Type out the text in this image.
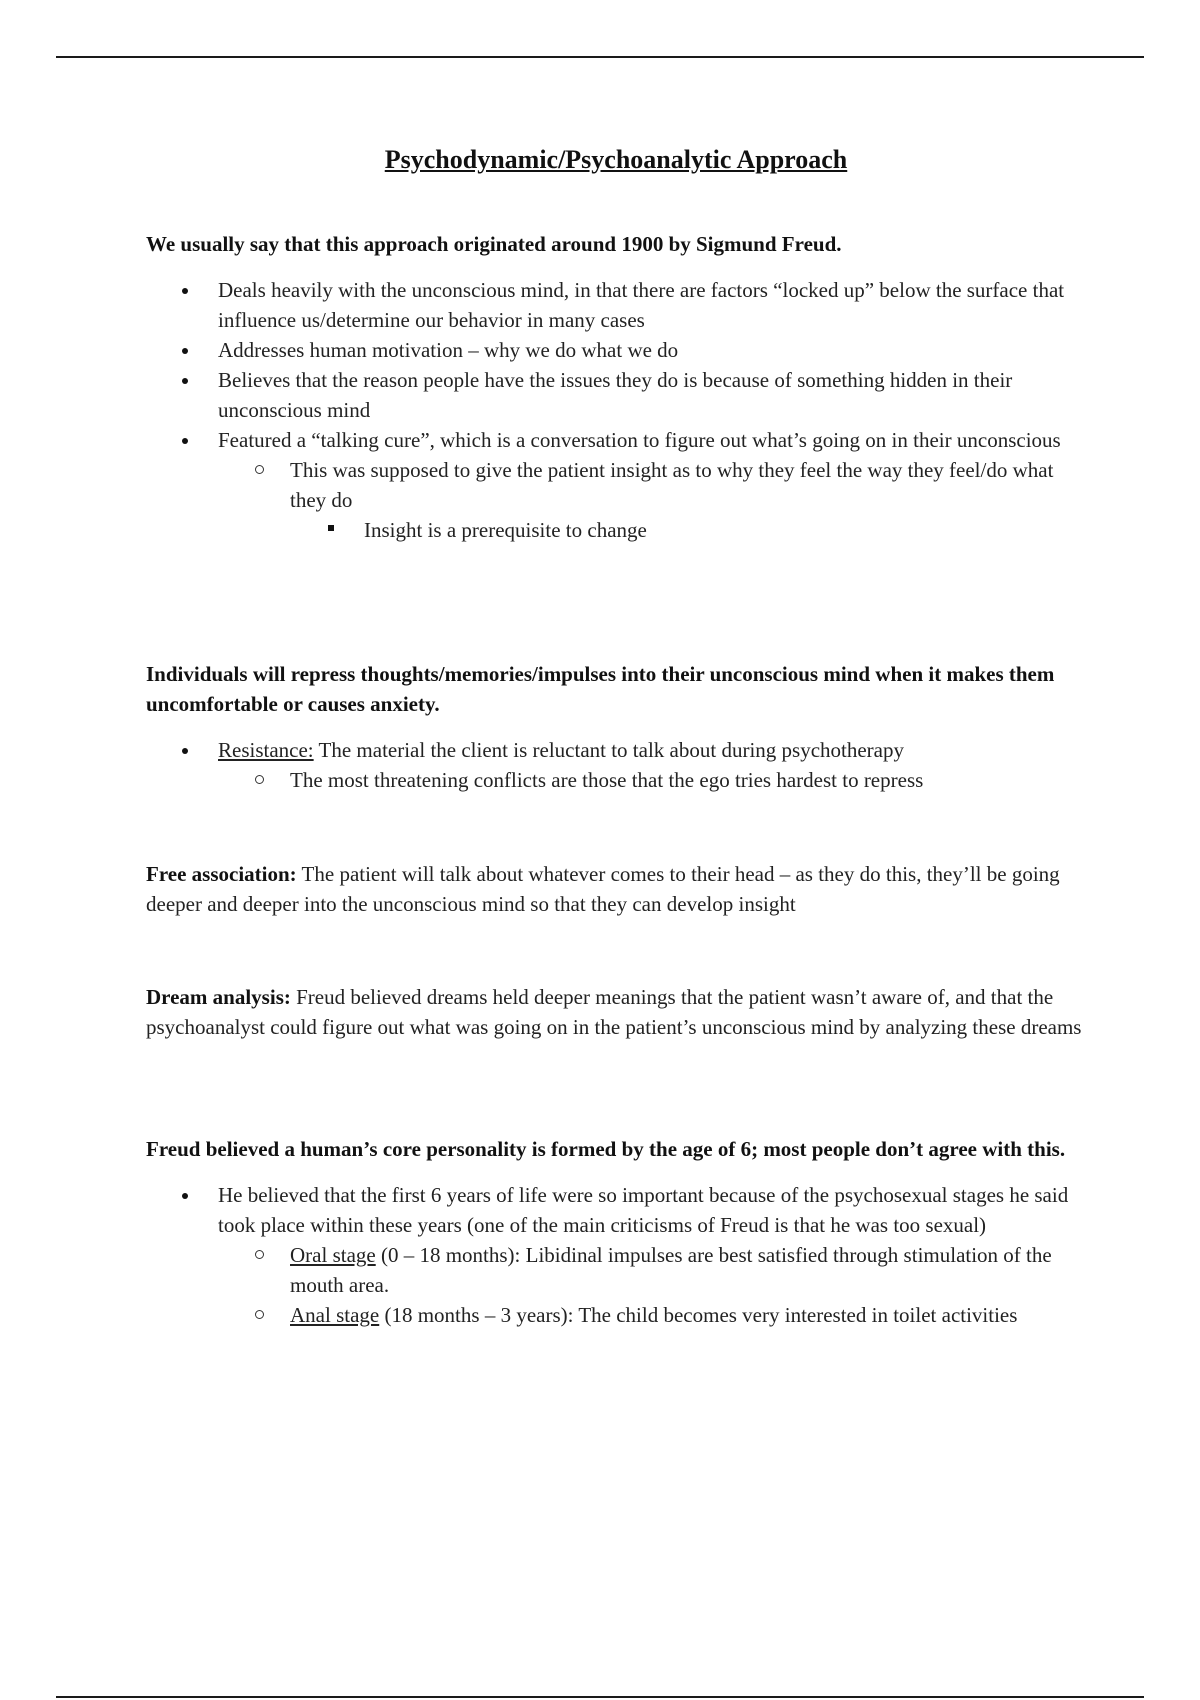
Psychodynamic/Psychoanalytic Approach

We usually say that this approach originated around 1900 by Sigmund Freud.

Deals heavily with the unconscious mind, in that there are factors “locked up” below the surface that influence us/determine our behavior in many cases
Addresses human motivation – why we do what we do
Believes that the reason people have the issues they do is because of something hidden in their unconscious mind
Featured a “talking cure”, which is a conversation to figure out what’s going on in their unconscious
This was supposed to give the patient insight as to why they feel the way they feel/do what they do
Insight is a prerequisite to change

Individuals will repress thoughts/memories/impulses into their unconscious mind when it makes them uncomfortable or causes anxiety.

Resistance: The material the client is reluctant to talk about during psychotherapy
The most threatening conflicts are those that the ego tries hardest to repress

Free association: The patient will talk about whatever comes to their head – as they do this, they’ll be going deeper and deeper into the unconscious mind so that they can develop insight

Dream analysis: Freud believed dreams held deeper meanings that the patient wasn’t aware of, and that the psychoanalyst could figure out what was going on in the patient’s unconscious mind by analyzing these dreams

Freud believed a human’s core personality is formed by the age of 6; most people don’t agree with this.

He believed that the first 6 years of life were so important because of the psychosexual stages he said took place within these years (one of the main criticisms of Freud is that he was too sexual)
Oral stage (0 – 18 months): Libidinal impulses are best satisfied through stimulation of the mouth area.
Anal stage (18 months – 3 years): The child becomes very interested in toilet activities
